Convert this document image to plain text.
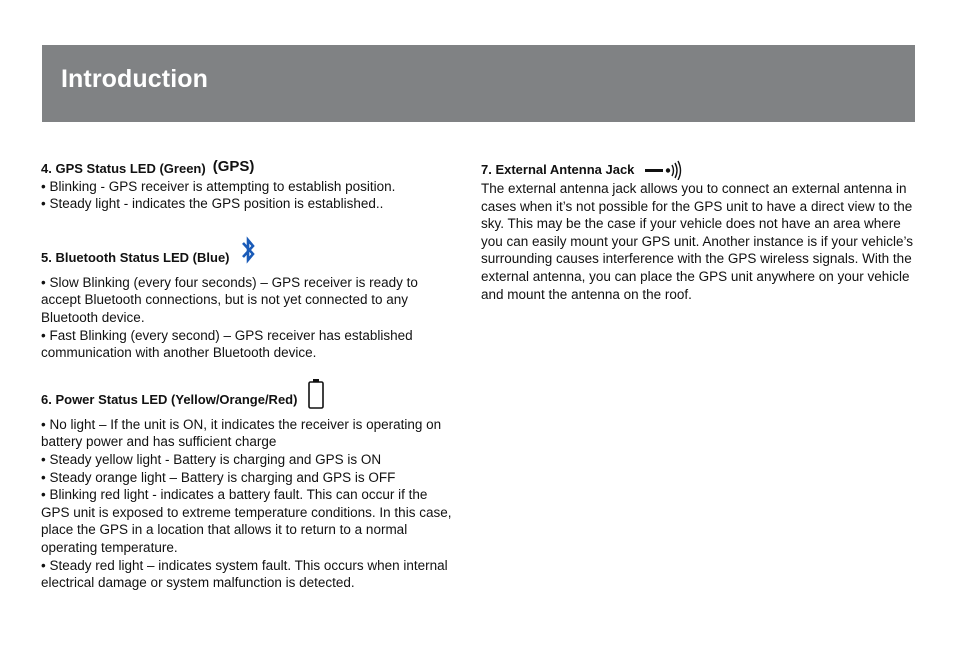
Introduction
4. GPS Status LED (Green) (GPS)

• Blinking - GPS receiver is attempting to establish position.

• Steady light - indicates the GPS position is established..

5. Bluetooth Status LED (Blue)

• Slow Blinking (every four seconds) – GPS receiver is ready to accept Bluetooth connections, but is not yet connected to any Bluetooth device.

• Fast Blinking (every second) – GPS receiver has established communication with another Bluetooth device.

6. Power Status LED (Yellow/Orange/Red)

• No light – If the unit is ON, it indicates the receiver is operating on battery power and has sufficient charge

• Steady yellow light - Battery is charging and GPS is ON

• Steady orange light – Battery is charging and GPS is OFF

• Blinking red light - indicates a battery fault. This can occur if the GPS unit is exposed to extreme temperature conditions. In this case, place the GPS in a location that allows it to return to a normal operating temperature.

• Steady red light – indicates system fault. This occurs when internal electrical damage or system malfunction is detected.

7. External Antenna Jack

The external antenna jack allows you to connect an external antenna in cases when it’s not possible for the GPS unit to have a direct view to the sky. This may be the case if your vehicle does not have an area where you can easily mount your GPS unit. Another instance is if your vehicle’s surrounding causes interference with the GPS wireless signals. With the external antenna, you can place the GPS unit anywhere on your vehicle and mount the antenna on the roof.
